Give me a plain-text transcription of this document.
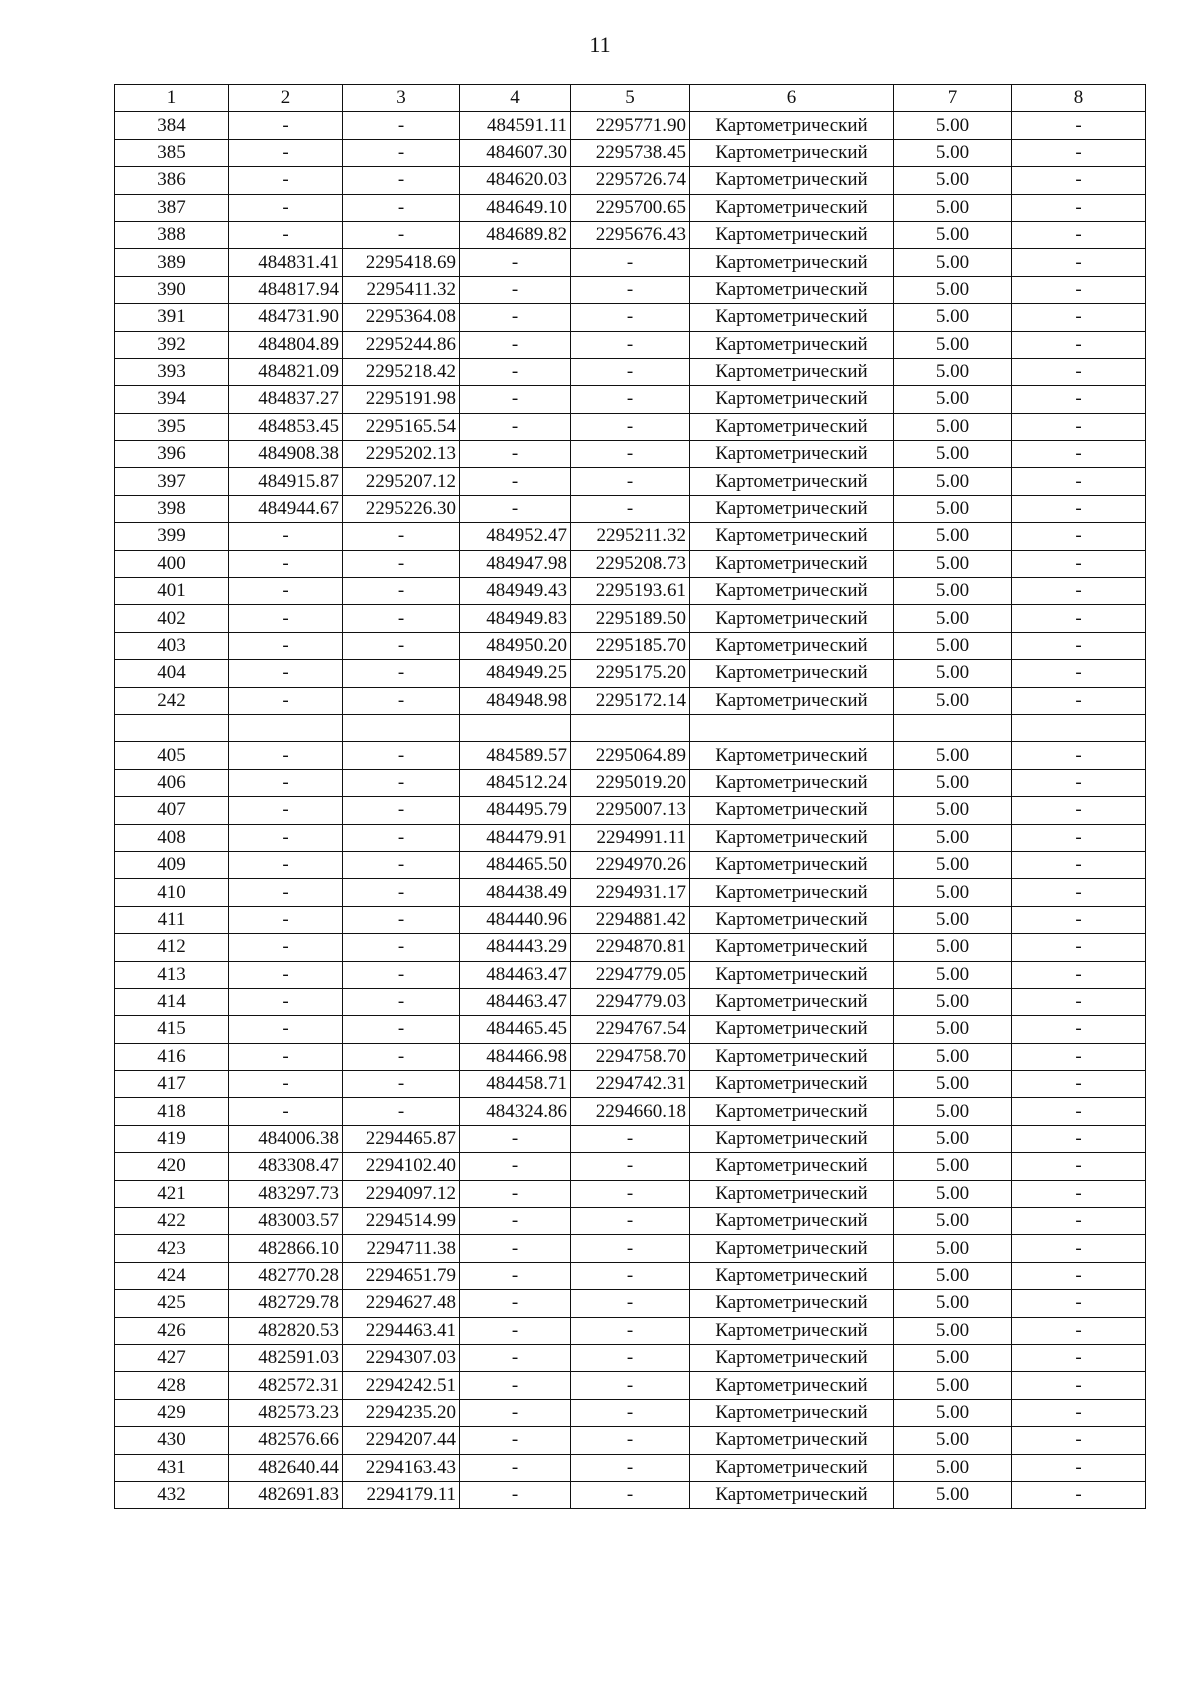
11
1	2	3	4	5	6	7	8
384	-	-	484591.11	2295771.90	Картометрический	5.00	-
385	-	-	484607.30	2295738.45	Картометрический	5.00	-
386	-	-	484620.03	2295726.74	Картометрический	5.00	-
387	-	-	484649.10	2295700.65	Картометрический	5.00	-
388	-	-	484689.82	2295676.43	Картометрический	5.00	-
389	484831.41	2295418.69	-	-	Картометрический	5.00	-
390	484817.94	2295411.32	-	-	Картометрический	5.00	-
391	484731.90	2295364.08	-	-	Картометрический	5.00	-
392	484804.89	2295244.86	-	-	Картометрический	5.00	-
393	484821.09	2295218.42	-	-	Картометрический	5.00	-
394	484837.27	2295191.98	-	-	Картометрический	5.00	-
395	484853.45	2295165.54	-	-	Картометрический	5.00	-
396	484908.38	2295202.13	-	-	Картометрический	5.00	-
397	484915.87	2295207.12	-	-	Картометрический	5.00	-
398	484944.67	2295226.30	-	-	Картометрический	5.00	-
399	-	-	484952.47	2295211.32	Картометрический	5.00	-
400	-	-	484947.98	2295208.73	Картометрический	5.00	-
401	-	-	484949.43	2295193.61	Картометрический	5.00	-
402	-	-	484949.83	2295189.50	Картометрический	5.00	-
403	-	-	484950.20	2295185.70	Картометрический	5.00	-
404	-	-	484949.25	2295175.20	Картометрический	5.00	-
242	-	-	484948.98	2295172.14	Картометрический	5.00	-

405	-	-	484589.57	2295064.89	Картометрический	5.00	-
406	-	-	484512.24	2295019.20	Картометрический	5.00	-
407	-	-	484495.79	2295007.13	Картометрический	5.00	-
408	-	-	484479.91	2294991.11	Картометрический	5.00	-
409	-	-	484465.50	2294970.26	Картометрический	5.00	-
410	-	-	484438.49	2294931.17	Картометрический	5.00	-
411	-	-	484440.96	2294881.42	Картометрический	5.00	-
412	-	-	484443.29	2294870.81	Картометрический	5.00	-
413	-	-	484463.47	2294779.05	Картометрический	5.00	-
414	-	-	484463.47	2294779.03	Картометрический	5.00	-
415	-	-	484465.45	2294767.54	Картометрический	5.00	-
416	-	-	484466.98	2294758.70	Картометрический	5.00	-
417	-	-	484458.71	2294742.31	Картометрический	5.00	-
418	-	-	484324.86	2294660.18	Картометрический	5.00	-
419	484006.38	2294465.87	-	-	Картометрический	5.00	-
420	483308.47	2294102.40	-	-	Картометрический	5.00	-
421	483297.73	2294097.12	-	-	Картометрический	5.00	-
422	483003.57	2294514.99	-	-	Картометрический	5.00	-
423	482866.10	2294711.38	-	-	Картометрический	5.00	-
424	482770.28	2294651.79	-	-	Картометрический	5.00	-
425	482729.78	2294627.48	-	-	Картометрический	5.00	-
426	482820.53	2294463.41	-	-	Картометрический	5.00	-
427	482591.03	2294307.03	-	-	Картометрический	5.00	-
428	482572.31	2294242.51	-	-	Картометрический	5.00	-
429	482573.23	2294235.20	-	-	Картометрический	5.00	-
430	482576.66	2294207.44	-	-	Картометрический	5.00	-
431	482640.44	2294163.43	-	-	Картометрический	5.00	-
432	482691.83	2294179.11	-	-	Картометрический	5.00	-
